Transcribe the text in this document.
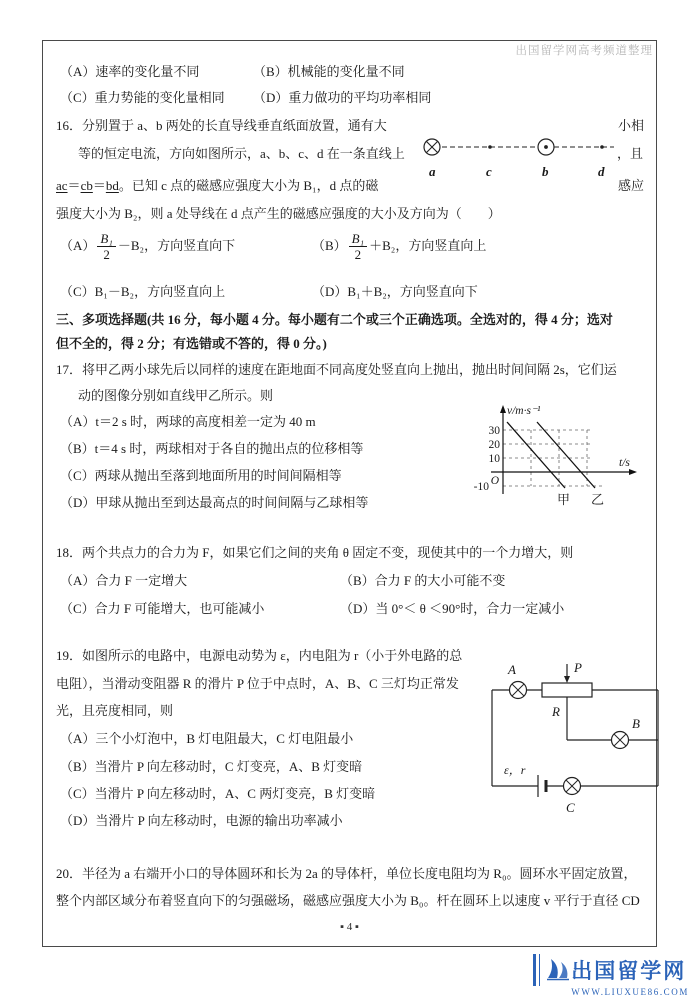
出国留学网高考频道整理
（A）速率的变化量不同	（B）机械能的变化量不同
（C）重力势能的变化量相同 （D）重力做功的平均功率相同
16．分别置于 a、b 两处的长直导线垂直纸面放置，通有大	小相
等的恒定电流，方向如图所示，a、b、c、d 在一条直线上	，且
ac＝cb＝bd。已知 c 点的磁感应强度大小为 B₁，d 点的磁	感应
强度大小为 B₂，则 a 处导线在 d 点产生的磁感应强度的大小及方向为（　　）
a	c	b	d
$(A) \frac{\text{B₁}}{2} -B_2$，方向竖直向下	$(B) \frac{\text{B₁}}{2} +B_2$，方向竖直向上
（C）B₁－B₂，方向竖直向上	（D）B₁＋B₂，方向竖直向下
三、多项选择题(共 16 分，每小题 4 分。每小题有二个或三个正确选项。全选对的，得 4 分；选对
但不全的，得 2 分；有选错或不答的，得 0 分。)
17．将甲乙两小球先后以同样的速度在距地面不同高度处竖直向上抛出，抛出时间间隔 2s，它们运
动的图像分别如直线甲乙所示。则
（A）t＝2 s 时，两球的高度相差一定为 40 m
（B）t＝4 s 时，两球相对于各自的抛出点的位移相等
（C）两球从抛出至落到地面所用的时间间隔相等
（D）甲球从抛出至到达最高点的时间间隔与乙球相等
v/m·s⁻¹
30
20
10
O
-10
t/s
甲 乙
18．两个共点力的合力为 F，如果它们之间的夹角 θ 固定不变，现使其中的一个力增大，则
（A）合力 F 一定增大	（B）合力 F 的大小可能不变
（C）合力 F 可能增大，也可能减小	（D）当 0°＜ θ ＜90°时，合力一定减小
19．如图所示的电路中，电源电动势为 ε，内电阻为 r（小于外电路的总
电阻），当滑动变阻器 R 的滑片 P 位于中点时，A、B、C 三灯均正常发
光，且亮度相同，则
（A）三个小灯泡中，B 灯电阻最大，C 灯电阻最小
（B）当滑片 P 向左移动时，C 灯变亮，A、B 灯变暗
（C）当滑片 P 向左移动时，A、C 两灯变亮，B 灯变暗
（D）当滑片 P 向左移动时，电源的输出功率减小
A	P
R
B
ε，r
C
20．半径为 a 右端开小口的导体圆环和长为 2a 的导体杆，单位长度电阻均为 R₀。圆环水平固定放置，
整个内部区域分布着竖直向下的匀强磁场，磁感应强度大小为 B₀。杆在圆环上以速度 v 平行于直径 CD
▪ 4 ▪
出国留学网
WWW.LIUXUE86.COM
